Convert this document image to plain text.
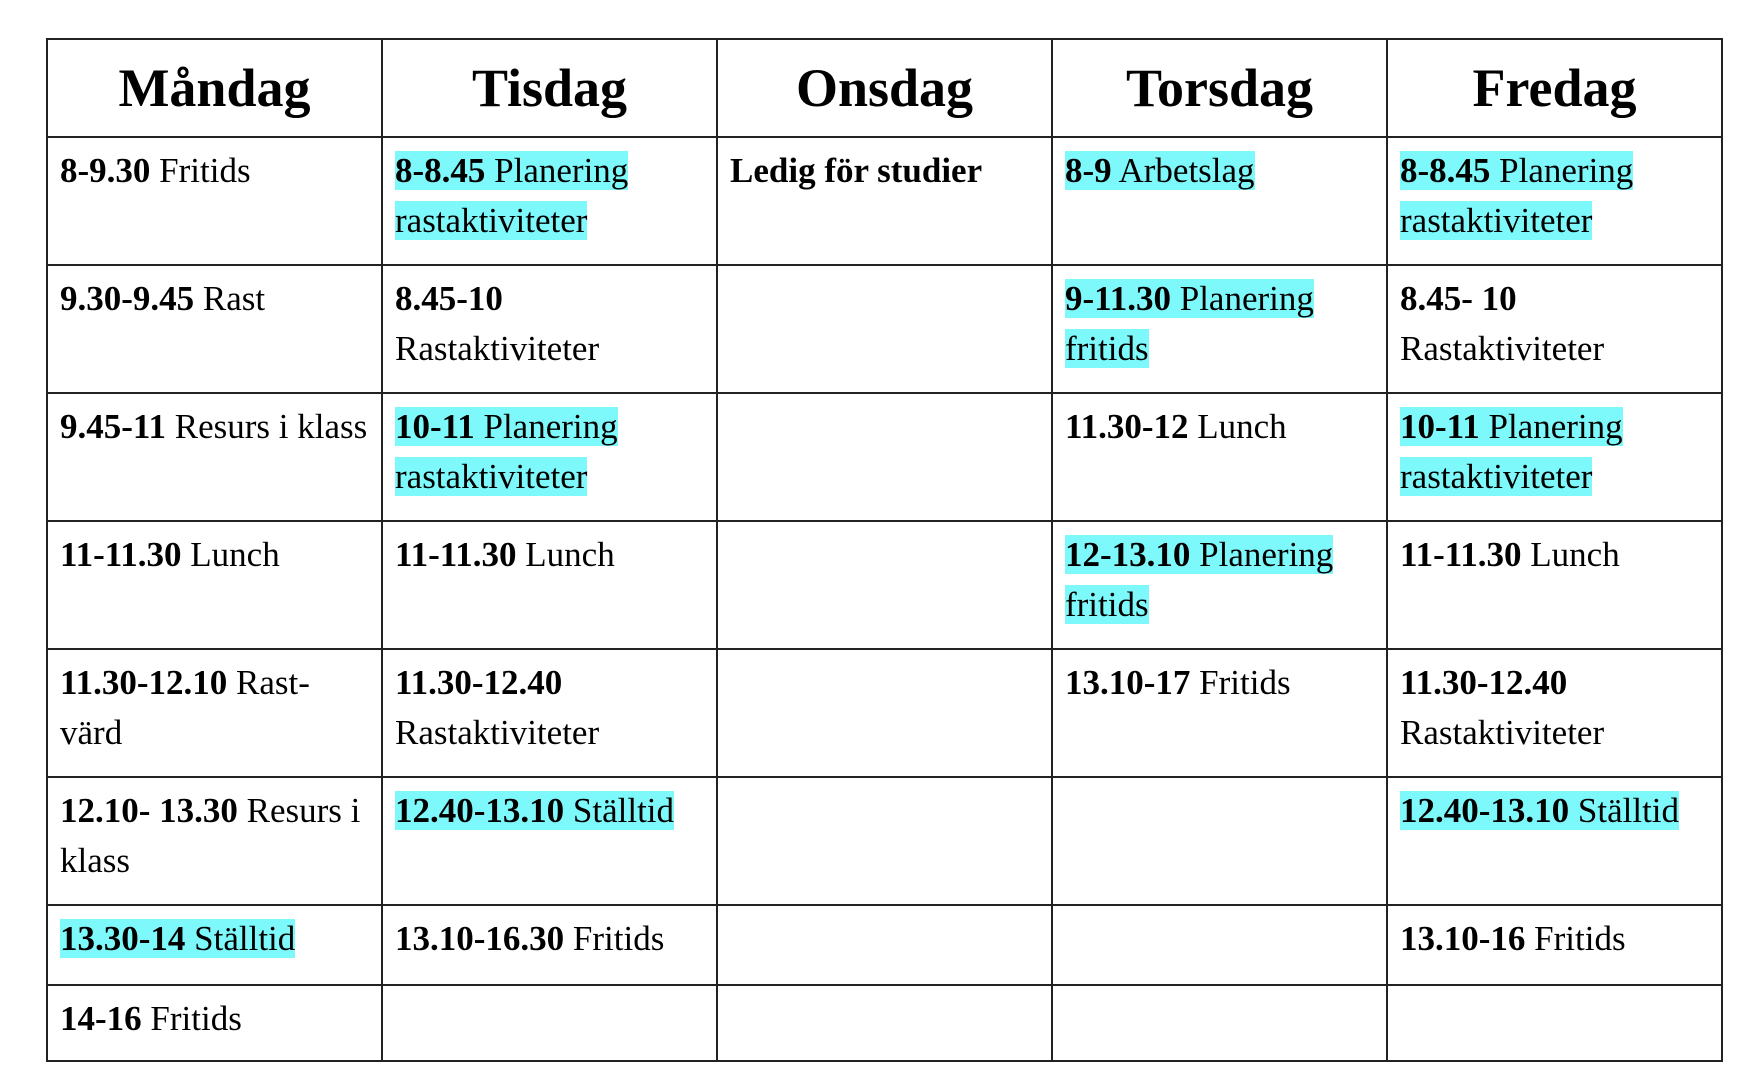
Måndag	Tisdag	Onsdag	Torsdag	Fredag
8-9.30 Fritids	8-8.45 Planering rastaktiviteter	Ledig för studier	8-9 Arbetslag	8-8.45 Planering rastaktiviteter
9.30-9.45 Rast	8.45-10 Rastaktiviteter		9-11.30 Planering fritids	8.45- 10 Rastaktiviteter
9.45-11 Resurs i klass	10-11 Planering rastaktiviteter		11.30-12 Lunch	10-11 Planering rastaktiviteter
11-11.30 Lunch	11-11.30 Lunch		12-13.10 Planering fritids	11-11.30 Lunch
11.30-12.10 Rast-värd	11.30-12.40 Rastaktiviteter		13.10-17 Fritids	11.30-12.40 Rastaktiviteter
12.10- 13.30 Resurs i klass	12.40-13.10 Ställtid			12.40-13.10 Ställtid
13.30-14 Ställtid	13.10-16.30 Fritids			13.10-16 Fritids
14-16 Fritids				
